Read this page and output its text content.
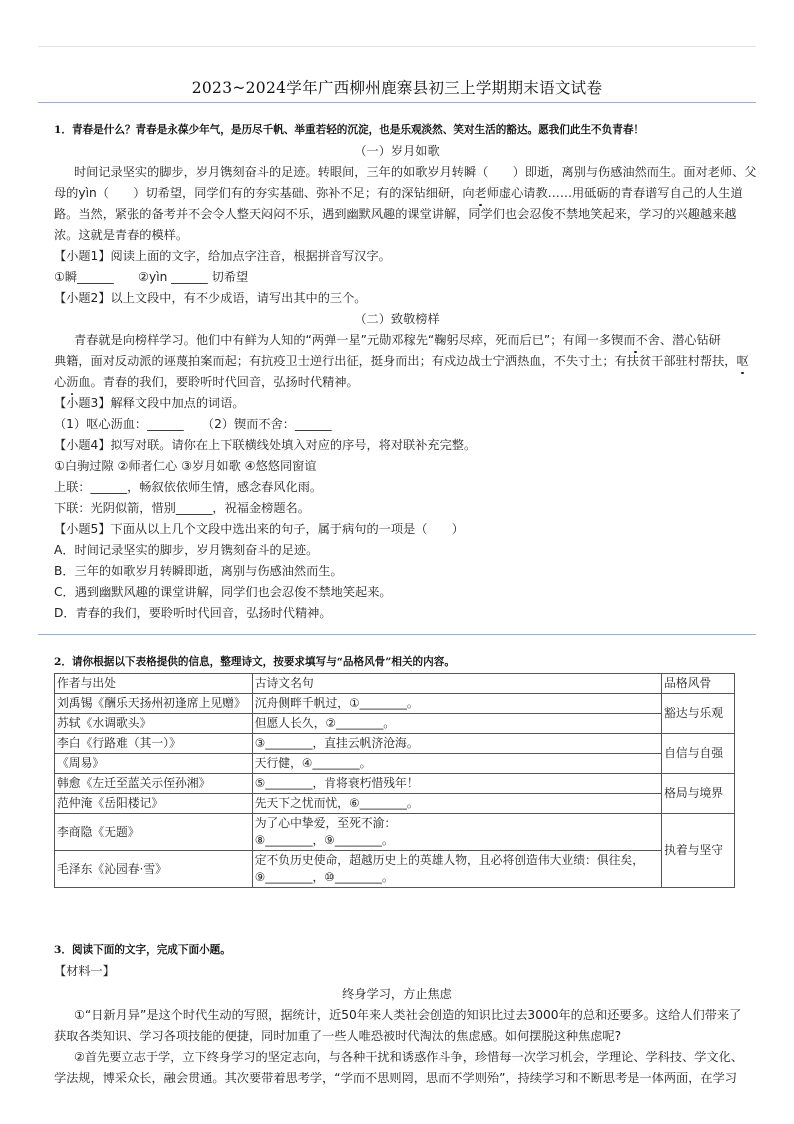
2023~2024学年广西柳州鹿寨县初三上学期期末语文试卷
1．青春是什么？青春是永葆少年气，是历尽千帆、举重若轻的沉淀，也是乐观淡然、笑对生活的豁达。愿我们此生不负青春！
（一）岁月如歌
时间记录坚实的脚步，岁月镌刻奋斗的足迹。转眼间，三年的如歌岁月转瞬（　　）即逝，离别与伤感油然而生。面对老师、父
母的yìn（　　）切希望，同学们有的夯实基础、弥补不足；有的深钻细研，向老师虚心请教……用砥砺的青春谱写自己的人生道
路。当然，紧张的备考并不会令人整天闷闷不乐，遇到幽默风趣的课堂讲解，同学们也会忍俊不禁地笑起来，学习的兴趣越来越
浓。这就是青春的模样。
【小题1】阅读上面的文字，给加点字注音，根据拼音写汉字。
①瞬______　　②yìn ______ 切希望
【小题2】以上文段中，有不少成语，请写出其中的三个。
（二）致敬榜样
青春就是向榜样学习。他们中有鲜为人知的“两弹一星”元勋邓稼先“鞠躬尽瘁，死而后已”；有闻一多锲而不舍、潜心钻研
典籍，面对反动派的诬蔑拍案而起；有抗疫卫士逆行出征，挺身而出；有戍边战士宁洒热血，不失寸土；有扶贫干部驻村帮扶，呕
心沥血。青春的我们，要聆听时代回音，弘扬时代精神。
【小题3】解释文段中加点的词语。
（1）呕心沥血：______　　（2）锲而不舍：______
【小题4】拟写对联。请你在上下联横线处填入对应的序号，将对联补充完整。
①白驹过隙 ②师者仁心 ③岁月如歌 ④悠悠同窗谊
上联：______，畅叙依依师生情，感念春风化雨。
下联：光阴似箭，惜别______，祝福金榜题名。
【小题5】下面从以上几个文段中选出来的句子，属于病句的一项是（　　）
A．时间记录坚实的脚步，岁月镌刻奋斗的足迹。
B．三年的如歌岁月转瞬即逝，离别与伤感油然而生。
C．遇到幽默风趣的课堂讲解，同学们也会忍俊不禁地笑起来。
D．青春的我们，要聆听时代回音，弘扬时代精神。
2．请你根据以下表格提供的信息，整理诗文，按要求填写与“品格风骨”相关的内容。
作者与出处	古诗文名句	品格风骨
刘禹锡《酬乐天扬州初逢席上见赠》	沉舟侧畔千帆过，①________。	豁达与乐观
苏轼《水调歌头》	但愿人长久，②________。	
李白《行路难（其一）》	③________，直挂云帆济沧海。	自信与自强
《周易》	天行健，④________。	
韩愈《左迁至蓝关示侄孙湘》	⑤________，肯将衰朽惜残年！	格局与境界
范仲淹《岳阳楼记》	先天下之忧而忧，⑥________。	
李商隐《无题》	为了心中挚爱，至死不渝：
⑧________，⑨________。	执着与坚守
毛泽东《沁园春·雪》	定不负历史使命，超越历史上的英雄人物，且必将创造伟大业绩：俱往矣，
⑨________，⑩________。	
3．阅读下面的文字，完成下面小题。
【材料一】
终身学习，方止焦虑
①“日新月异”是这个时代生动的写照，据统计，近50年来人类社会创造的知识比过去3000年的总和还要多。这给人们带来了
获取各类知识、学习各项技能的便捷，同时加重了一些人唯恐被时代淘汰的焦虑感。如何摆脱这种焦虑呢?
②首先要立志于学，立下终身学习的坚定志向，与各种干扰和诱惑作斗争，珍惜每一次学习机会，学理论、学科技、学文化、
学法规，博采众长，融会贯通。其次要带着思考学，“学而不思则罔，思而不学则殆”，持续学习和不断思考是一体两面，在学习
